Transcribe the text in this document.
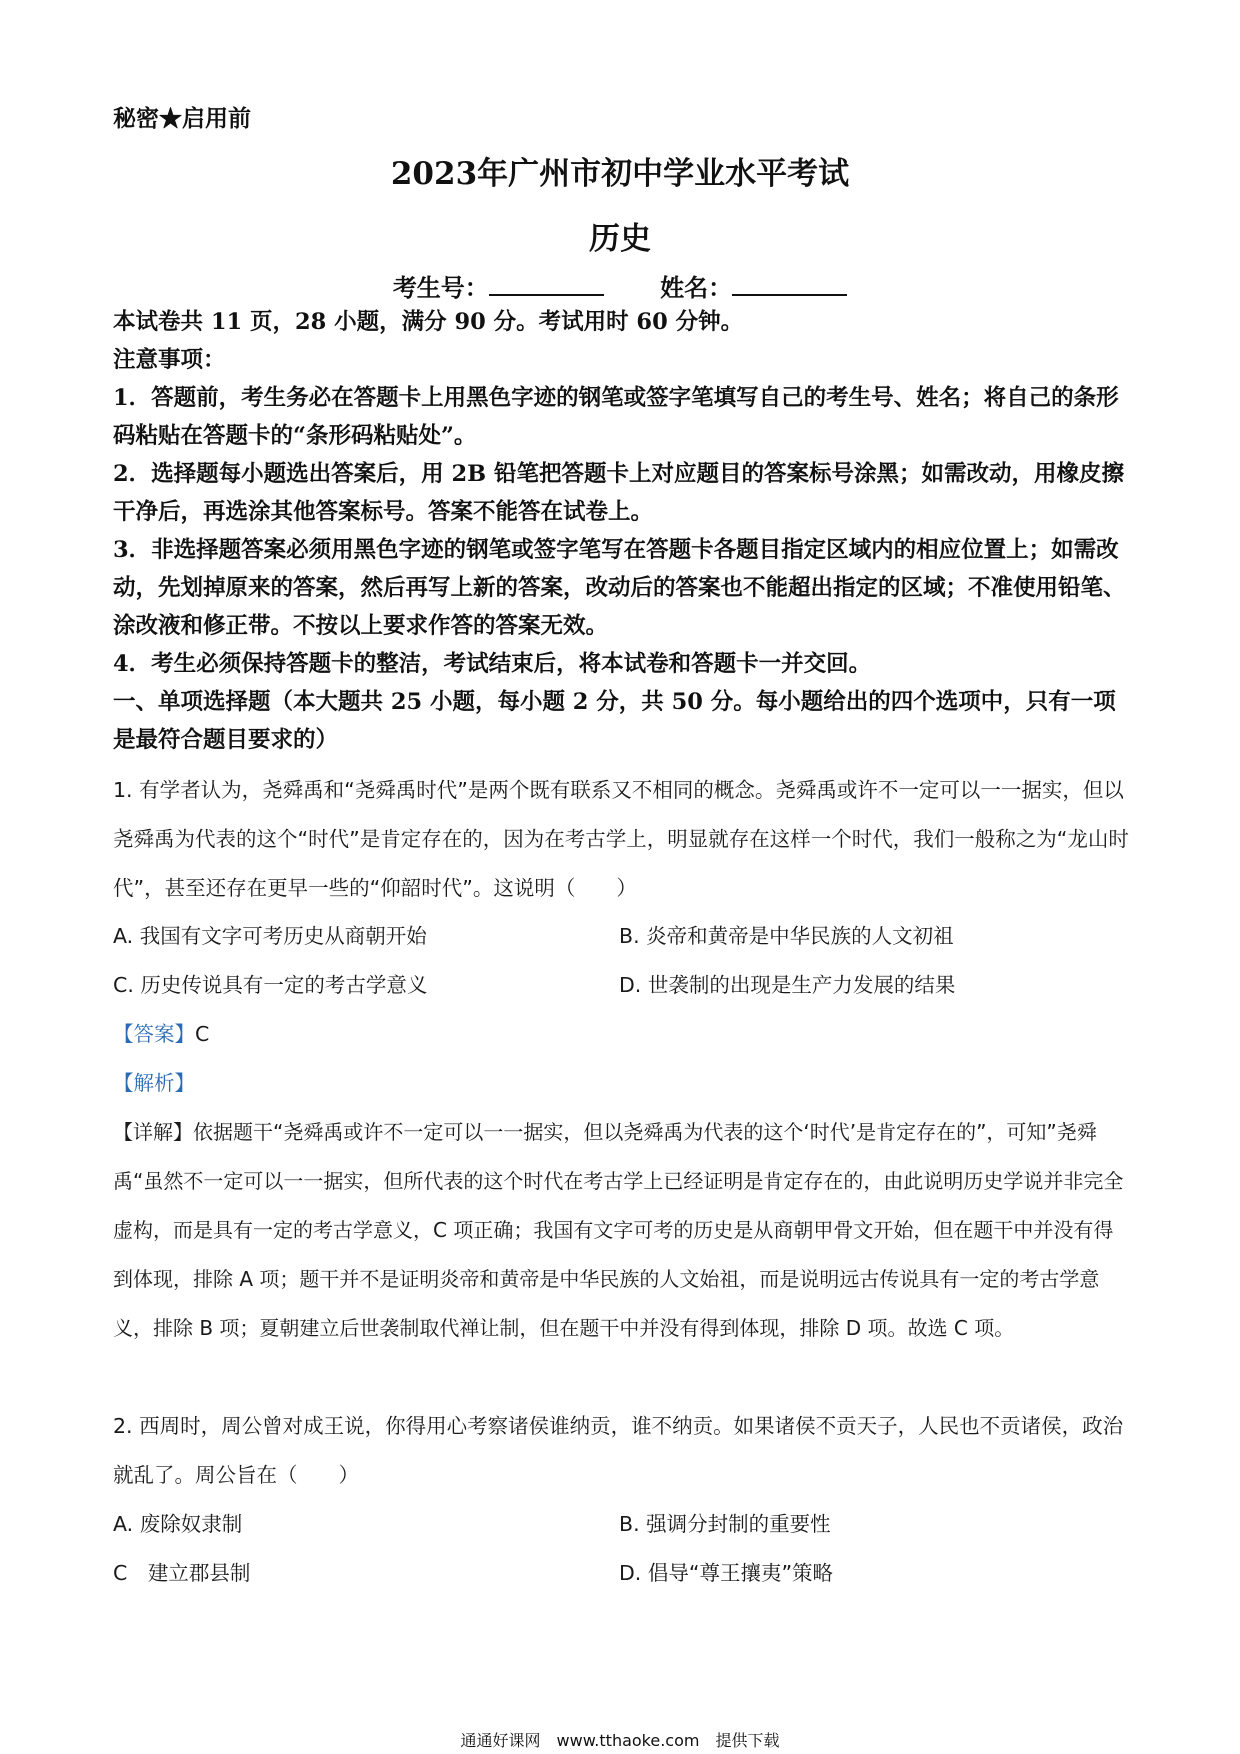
秘密★启用前
2023年广州市初中学业水平考试
历史
考生号：	姓名：
本试卷共 11 页，28 小题，满分 90 分。考试用时 60 分钟。
注意事项：
1．答题前，考生务必在答题卡上用黑色字迹的钢笔或签字笔填写自己的考生号、姓名；将自己的条形码粘贴在答题卡的“条形码粘贴处”。
2．选择题每小题选出答案后，用 2B 铅笔把答题卡上对应题目的答案标号涂黑；如需改动，用橡皮擦干净后，再选涂其他答案标号。答案不能答在试卷上。
3．非选择题答案必须用黑色字迹的钢笔或签字笔写在答题卡各题目指定区域内的相应位置上；如需改动，先划掉原来的答案，然后再写上新的答案，改动后的答案也不能超出指定的区域；不准使用铅笔、涂改液和修正带。不按以上要求作答的答案无效。
4．考生必须保持答题卡的整洁，考试结束后，将本试卷和答题卡一并交回。
一、单项选择题（本大题共 25 小题，每小题 2 分，共 50 分。每小题给出的四个选项中，只有一项是最符合题目要求的）
1. 有学者认为，尧舜禹和“尧舜禹时代”是两个既有联系又不相同的概念。尧舜禹或许不一定可以一一据实，但以尧舜禹为代表的这个“时代”是肯定存在的，因为在考古学上，明显就存在这样一个时代，我们一般称之为“龙山时代”，甚至还存在更早一些的“仰韶时代”。这说明（　　）
A. 我国有文字可考历史从商朝开始	B. 炎帝和黄帝是中华民族的人文初祖
C. 历史传说具有一定的考古学意义	D. 世袭制的出现是生产力发展的结果
【答案】C
【解析】
【详解】依据题干“尧舜禹或许不一定可以一一据实，但以尧舜禹为代表的这个‘时代’是肯定存在的”，可知”尧舜禹“虽然不一定可以一一据实，但所代表的这个时代在考古学上已经证明是肯定存在的，由此说明历史学说并非完全虚构，而是具有一定的考古学意义，C 项正确；我国有文字可考的历史是从商朝甲骨文开始，但在题干中并没有得到体现，排除 A 项；题干并不是证明炎帝和黄帝是中华民族的人文始祖，而是说明远古传说具有一定的考古学意义，排除 B 项；夏朝建立后世袭制取代禅让制，但在题干中并没有得到体现，排除 D 项。故选 C 项。
2. 西周时，周公曾对成王说，你得用心考察诸侯谁纳贡，谁不纳贡。如果诸侯不贡天子，人民也不贡诸侯，政治就乱了。周公旨在（　　）
A. 废除奴隶制	B. 强调分封制的重要性
C　建立郡县制	D. 倡导“尊王攘夷”策略
通通好课网　www.tthaoke.com　提供下载
